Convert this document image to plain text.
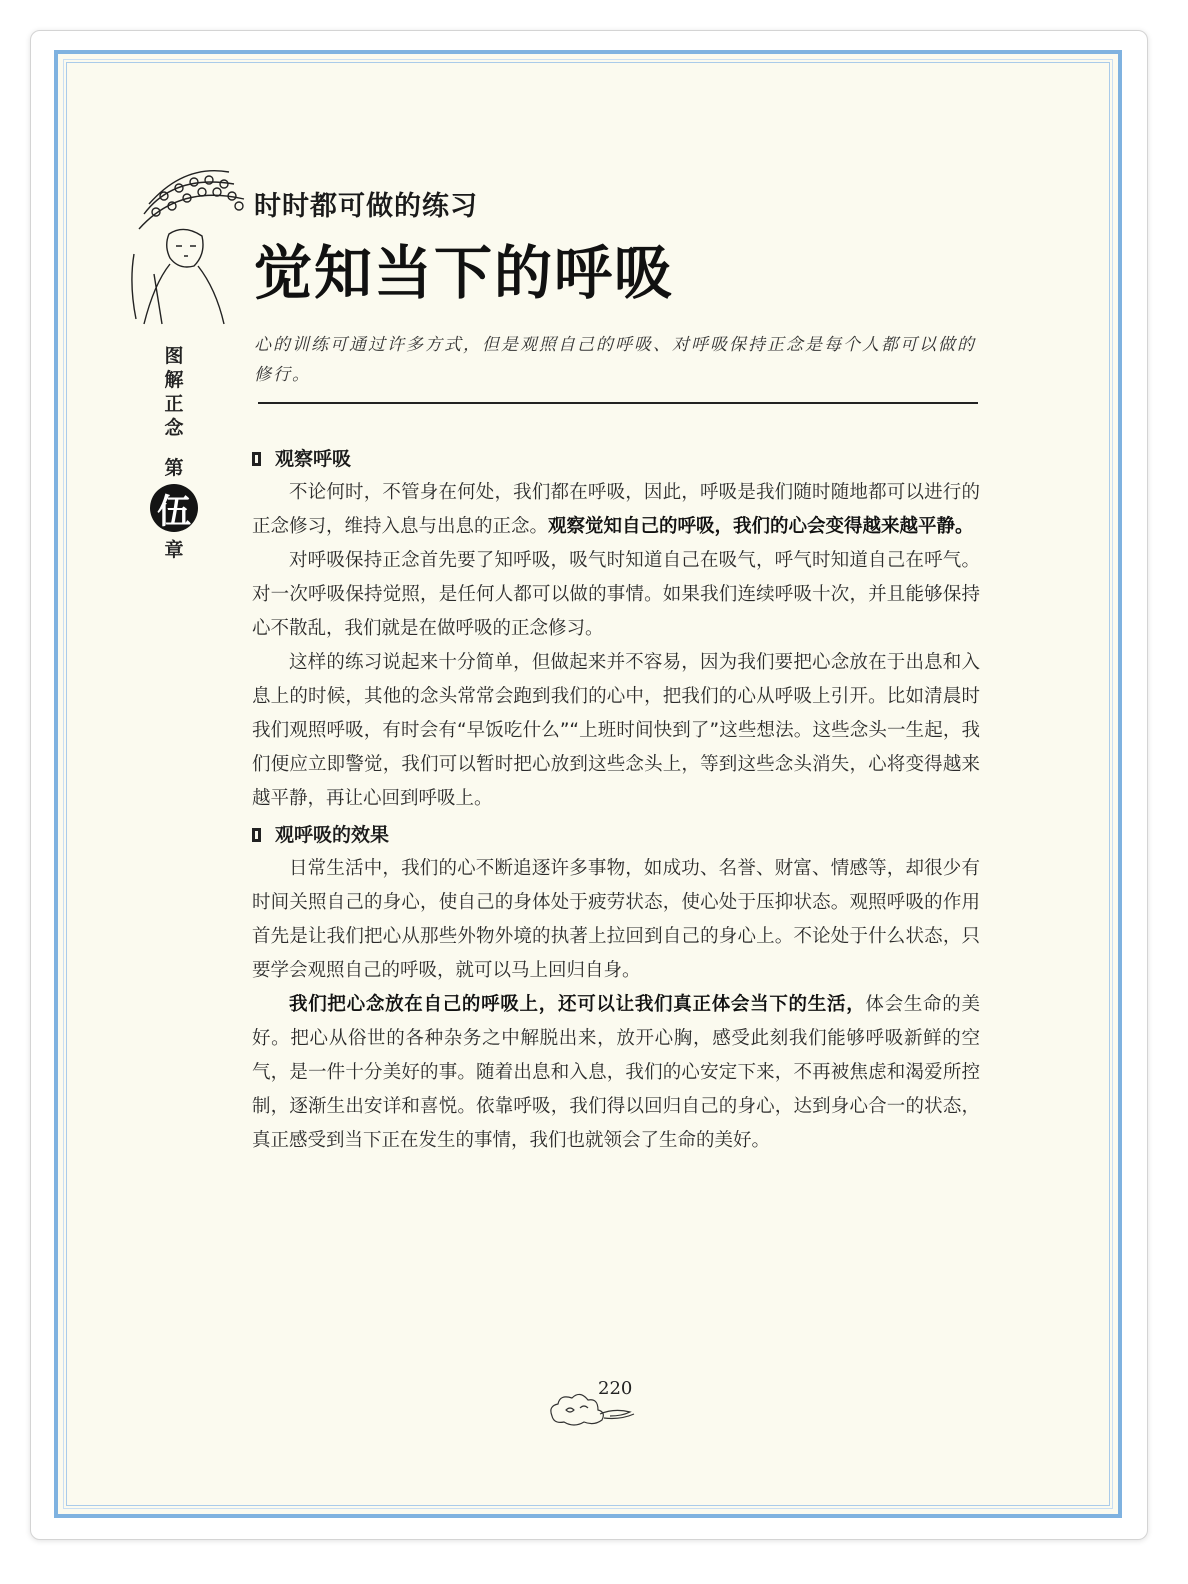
时时都可做的练习
觉知当下的呼吸
图
解
正
念
第
伍
章
心的训练可通过许多方式，但是观照自己的呼吸、对呼吸保持正念是每个人都可以做的修行。
观察呼吸

不论何时，不管身在何处，我们都在呼吸，因此，呼吸是我们随时随地都可以进行的正念修习，维持入息与出息的正念。观察觉知自己的呼吸，我们的心会变得越来越平静。

对呼吸保持正念首先要了知呼吸，吸气时知道自己在吸气，呼气时知道自己在呼气。对一次呼吸保持觉照，是任何人都可以做的事情。如果我们连续呼吸十次，并且能够保持心不散乱，我们就是在做呼吸的正念修习。

这样的练习说起来十分简单，但做起来并不容易，因为我们要把心念放在于出息和入息上的时候，其他的念头常常会跑到我们的心中，把我们的心从呼吸上引开。比如清晨时我们观照呼吸，有时会有“早饭吃什么”“上班时间快到了”这些想法。这些念头一生起，我们便应立即警觉，我们可以暂时把心放到这些念头上，等到这些念头消失，心将变得越来越平静，再让心回到呼吸上。

观呼吸的效果

日常生活中，我们的心不断追逐许多事物，如成功、名誉、财富、情感等，却很少有时间关照自己的身心，使自己的身体处于疲劳状态，使心处于压抑状态。观照呼吸的作用首先是让我们把心从那些外物外境的执著上拉回到自己的身心上。不论处于什么状态，只要学会观照自己的呼吸，就可以马上回归自身。

我们把心念放在自己的呼吸上，还可以让我们真正体会当下的生活，体会生命的美好。把心从俗世的各种杂务之中解脱出来，放开心胸，感受此刻我们能够呼吸新鲜的空气，是一件十分美好的事。随着出息和入息，我们的心安定下来，不再被焦虑和渴爱所控制，逐渐生出安详和喜悦。依靠呼吸，我们得以回归自己的身心，达到身心合一的状态，真正感受到当下正在发生的事情，我们也就领会了生命的美好。

220
